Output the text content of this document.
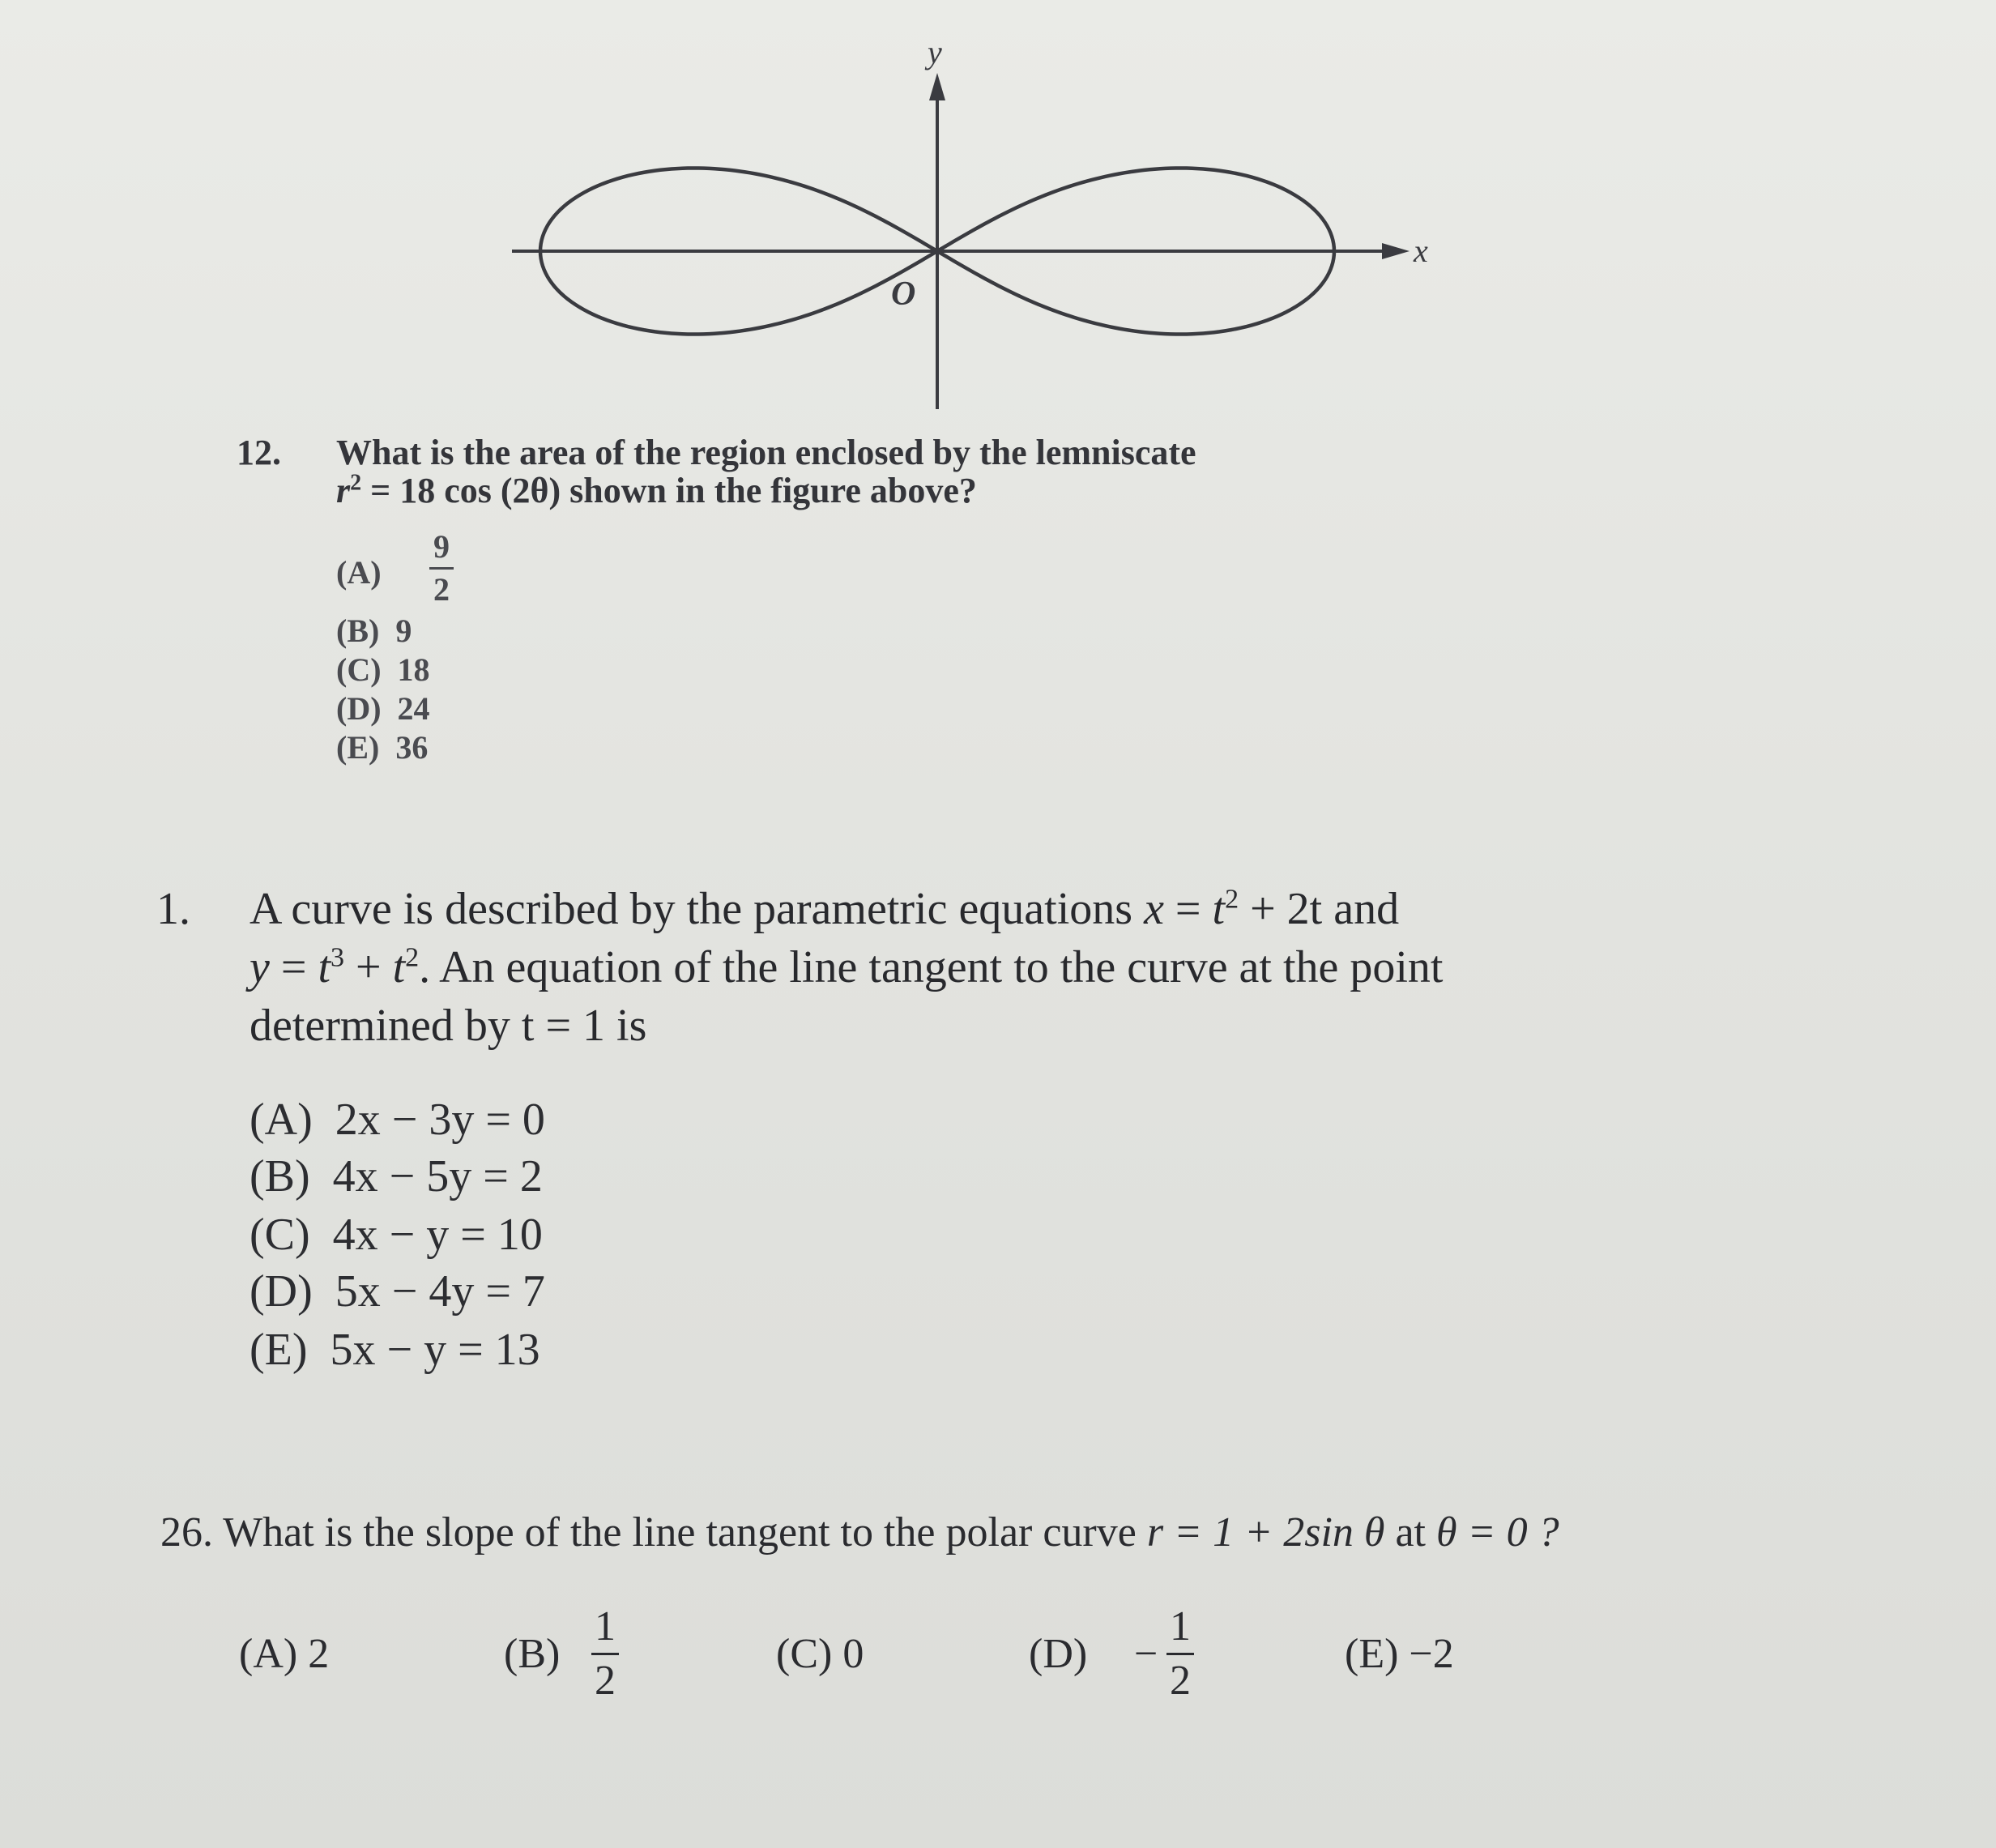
y
x
O
12. What is the area of the region enclosed by the lemniscate
$r^2 = 18$ cos (2θ) shown in the figure above?
(A)
9
2
(B) 9
(C) 18
(D) 24
(E) 36
1. A curve is described by the parametric equations $x = t^2 + 2t$ and
$y = t^3 + t^2$. An equation of the line tangent to the curve at the point
determined by t = 1 is
(A) 2x − 3y = 0
(B) 4x − 5y = 2
(C) 4x − y = 10
(D) 5x − 4y = 7
(E) 5x − y = 13
26. What is the slope of the line tangent to the polar curve r = 1 + 2sin θ at θ = 0 ?
(A) 2	(B)
1
2
(C) 0	(D) −
1
2
(E) −2
